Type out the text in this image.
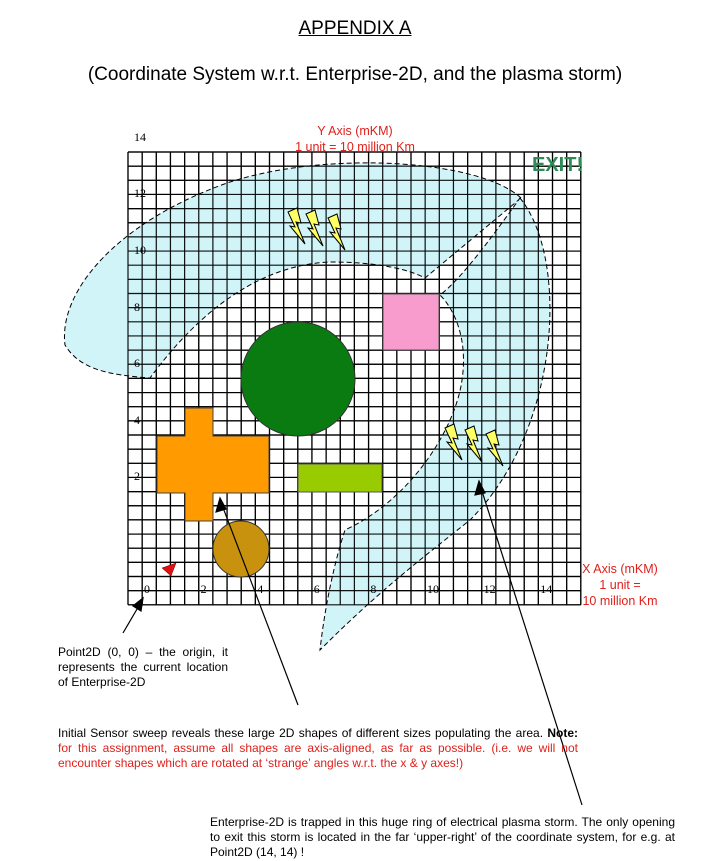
APPENDIX A
(Coordinate System w.r.t. Enterprise-2D, and the plasma storm)
0	2	4	6	8	10	12	14
2
4
6
8
10
12
14	Y Axis (mKM)
1 unit = 10 million Km
X Axis (mKM)
1 unit =
10 million Km
EXIT!
Point2D (0, 0) – the origin, it represents the current location of Enterprise-2D
Initial Sensor sweep reveals these large 2D shapes of different sizes populating the area. Note: for this assignment, assume all shapes are axis-aligned, as far as possible. (i.e. we will not encounter shapes which are rotated at ‘strange’ angles w.r.t. the x & y axes!)
Enterprise-2D is trapped in this huge ring of electrical plasma storm. The only opening to exit this storm is located in the far ‘upper-right’ of the coordinate system, for e.g. at Point2D (14, 14) !
